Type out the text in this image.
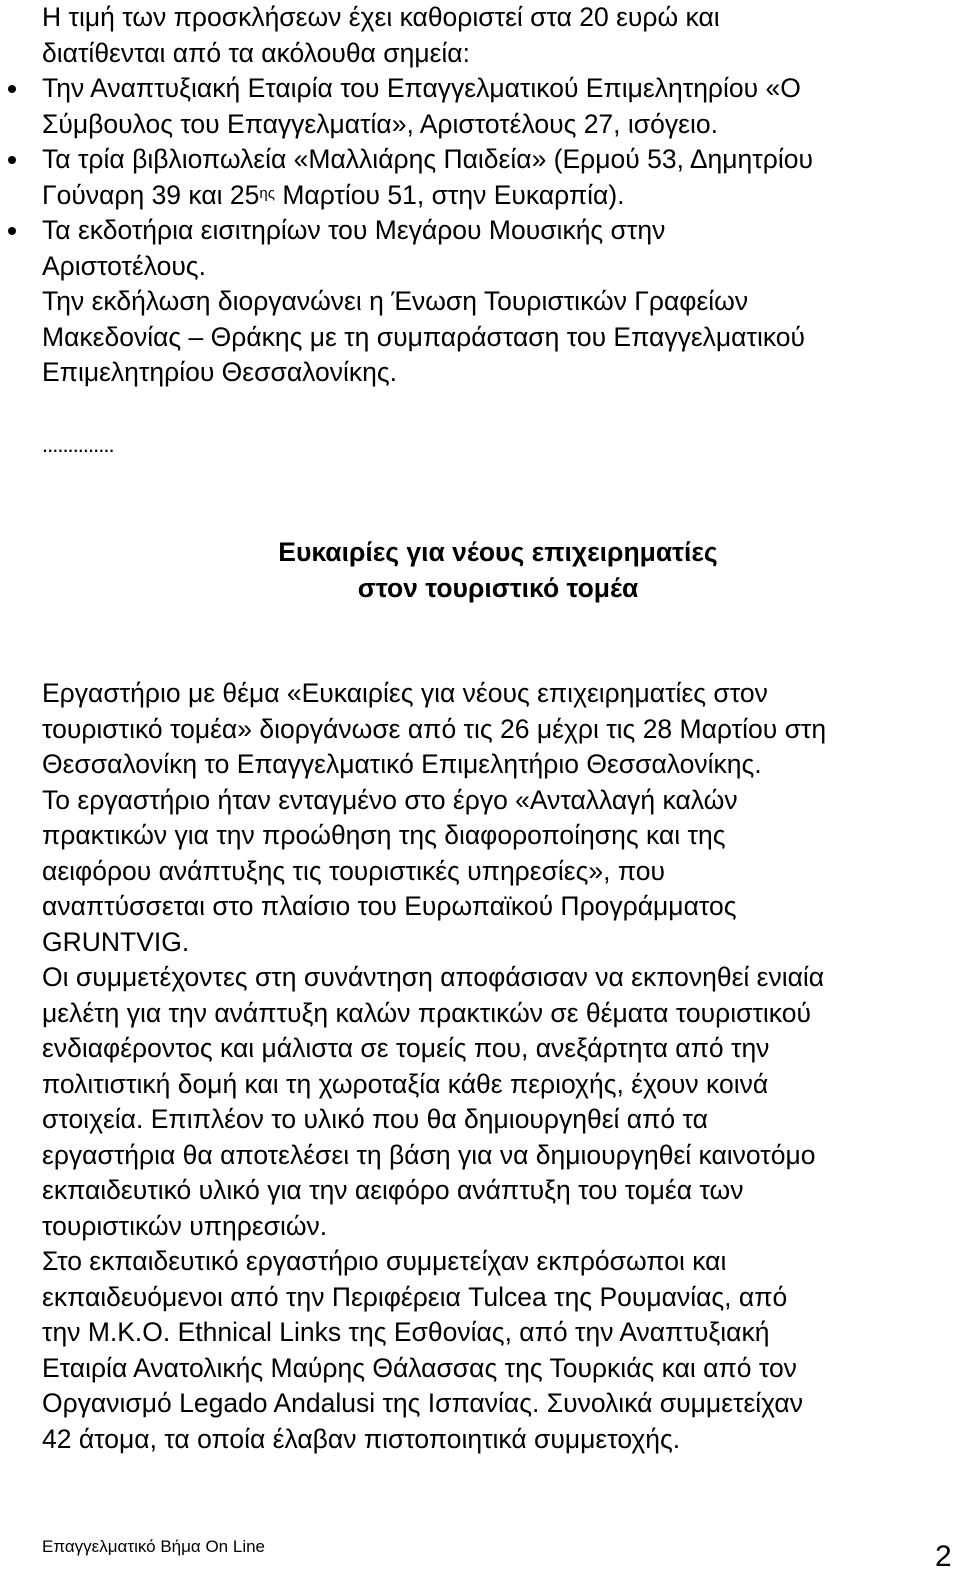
Η τιμή των προσκλήσεων έχει καθοριστεί στα 20 ευρώ και
διατίθενται από τα ακόλουθα σημεία:
Την Αναπτυξιακή Εταιρία του Επαγγελματικού Επιμελητηρίου «Ο
Σύμβουλος του Επαγγελματία», Αριστοτέλους 27, ισόγειο.
Τα τρία βιβλιοπωλεία «Μαλλιάρης Παιδεία» (Ερμού 53, Δημητρίου
Γούναρη 39 και $25^{\eta\varsigma}$ Μαρτίου 51, στην Ευκαρπία).
Τα εκδοτήρια εισιτηρίων του Μεγάρου Μουσικής στην
Αριστοτέλους.
Την εκδήλωση διοργανώνει η Ένωση Τουριστικών Γραφείων
Μακεδονίας – Θράκης με τη συμπαράσταση του Επαγγελματικού
Επιμελητηρίου Θεσσαλονίκης.
..............
Ευκαιρίες για νέους επιχειρηματίες
στον τουριστικό τομέα
Εργαστήριο με θέμα «Ευκαιρίες για νέους επιχειρηματίες στον
τουριστικό τομέα» διοργάνωσε από τις 26 μέχρι τις 28 Μαρτίου στη
Θεσσαλονίκη το Επαγγελματικό Επιμελητήριο Θεσσαλονίκης.
Το εργαστήριο ήταν ενταγμένο στο έργο «Ανταλλαγή καλών
πρακτικών για την προώθηση της διαφοροποίησης και της
αειφόρου ανάπτυξης τις τουριστικές υπηρεσίες», που
αναπτύσσεται στο πλαίσιο του Ευρωπαϊκού Προγράμματος
GRUNTVIG.
Οι συμμετέχοντες στη συνάντηση αποφάσισαν να εκπονηθεί ενιαία
μελέτη για την ανάπτυξη καλών πρακτικών σε θέματα τουριστικού
ενδιαφέροντος και μάλιστα σε τομείς που, ανεξάρτητα από την
πολιτιστική δομή και τη χωροταξία κάθε περιοχής, έχουν κοινά
στοιχεία. Επιπλέον το υλικό που θα δημιουργηθεί από τα
εργαστήρια θα αποτελέσει τη βάση για να δημιουργηθεί καινοτόμο
εκπαιδευτικό υλικό για την αειφόρο ανάπτυξη του τομέα των
τουριστικών υπηρεσιών.
Στο εκπαιδευτικό εργαστήριο συμμετείχαν εκπρόσωποι και
εκπαιδευόμενοι από την Περιφέρεια Tulcea της Ρουμανίας, από
την Μ.Κ.Ο. Ethnical Links της Εσθονίας, από την Αναπτυξιακή
Εταιρία Ανατολικής Μαύρης Θάλασσας της Τουρκιάς και από τον
Οργανισμό Legado Andalusi της Ισπανίας. Συνολικά συμμετείχαν
42 άτομα, τα οποία έλαβαν πιστοποιητικά συμμετοχής.
Επαγγελματικό Βήμα On Line	2
